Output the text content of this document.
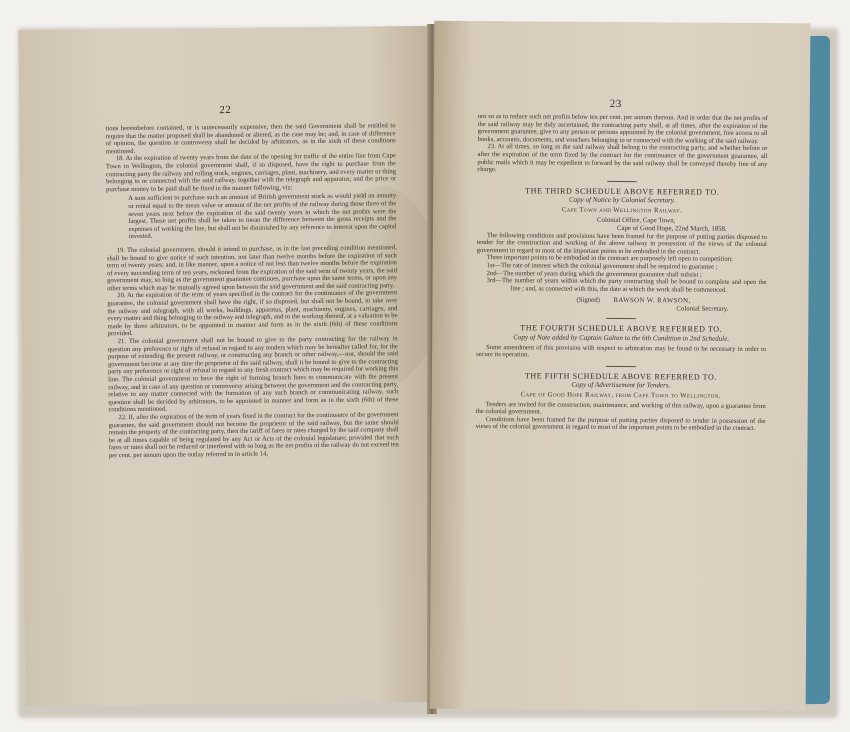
22

tions hereinbefore contained, or is unnecessarily expensive, then the said Government shall be entitled to require that the matter proposed shall be abandoned or altered, as the case may be; and, in case of difference of opinion, the question in controversy shall be decided by arbitrators, as in the sixth of these conditions mentioned.

18. At the expiration of twenty years from the date of the opening for traffic of the entire line from Cape Town to Wellington, the colonial government shall, if so disposed, have the right to purchase from the contracting party the railway and rolling stock, engines, carriages, plant, machinery, and every matter or thing belonging to or connected with the said railway, together with the telegraph and apparatus; and the price or purchase money to be paid shall be fixed in the manner following, viz:

A sum sufficient to purchase such an amount of British government stock as would yield an annuity or rental equal to the mean value or amount of the net profits of the railway during those three of the seven years next before the expiration of the said twenty years in which the net profits were the largest. These net profits shall be taken to mean the difference between the gross receipts and the expenses of working the line, but shall not be diminished by any reference to interest upon the capital invested.

19. The colonial government, should it intend to purchase, as in the last preceding condition mentioned, shall be bound to give notice of such intention, not later than twelve months before the expiration of such term of twenty years; and, in like manner, upon a notice of not less than twelve months before the expiration of every succeeding term of ten years, reckoned from the expiration of the said term of twenty years, the said government may, so long as the government guarantee continues, purchase upon the same terms, or upon any other terms which may be mutually agreed upon between the said government and the said contracting party.

20. At the expiration of the term of years specified in the contract for the continuance of the government guarantee, the colonial government shall have the right, if so disposed, but shall not be bound, to take over the railway and telegraph, with all works, buildings, apparatus, plant, machinery, engines, carriages, and every matter and thing belonging to the railway and telegraph, and to the working thereof, at a valuation to be made by three arbitrators, to be appointed in manner and form as in the sixth (6th) of these conditions provided.

21. The colonial government shall not be bound to give to the party contracting for the railway in question any preference or right of refusal in regard to any tenders which may be hereafter called for, for the purpose of extending the present railway, or constructing any branch or other railway,—nor, should the said government become at any time the proprietor of the said railway, shall it be bound to give to the contracting party any preference or right of refusal in regard to any fresh contract which may be required for working this line. The colonial government to have the right of forming branch lines to communicate with the present railway, and in case of any question or controversy arising between the government and the contracting party, relative to any matter connected with the formation of any such branch or communicating railway, such question shall be decided by arbitrators, to be appointed in manner and form as in the sixth (6th) of these conditions mentioned.

22. If, after the expiration of the term of years fixed in the contract for the continuance of the government guarantee, the said government should not become the proprietor of the said railway, but the same should remain the property of the contracting party, then the tariff of fares or rates charged by the said company shall be at all times capable of being regulated by any Act or Acts of the colonial legislature; provided that such fares or rates shall not be reduced or interfered with so long as the net profits of the railway do not exceed ten per cent. per annum upon the outlay referred to in article 14,

23

nor so as to reduce such net profits below ten per cent. per annum thereon. And in order that the net profits of the said railway may be duly ascertained, the contracting party shall, at all times, after the expiration of the government guarantee, give to any person or persons appointed by the colonial government, free access to all books, accounts, documents, and vouchers belonging to or connected with the working of the said railway.

23. At all times, so long as the said railway shall belong to the contracting party, and whether before or after the expiration of the term fixed by the contract for the continuance of the government guarantee, all public mails which it may be expedient to forward by the said railway shall be conveyed thereby free of any charge.

THE THIRD SCHEDULE ABOVE REFERRED TO.
Copy of Notice by Colonial Secretary.
Cape Town and Wellington Railway.
Colonial Office, Cape Town,
Cape of Good Hope, 22nd March, 1858.

The following conditions and provisions have been framed for the purpose of putting parties disposed to tender for the construction and working of the above railway in possession of the views of the colonial government in regard to most of the important points to be embodied in the contract.

Three important points to be embodied in the contract are purposely left open to competition:

1st—The rate of interest which the colonial government shall be required to guarantee ;

2nd—The number of years during which the government guarantee shall subsist ;

3rd—The number of years within which the party contracting shall be bound to complete and open the line ; and, as connected with this, the date at which the work shall be commenced.

(Signed) RAWSON W. RAWSON,
Colonial Secretary.
THE FOURTH SCHEDULE ABOVE REFERRED TO.
Copy of Note added by Captain Galton to the 6th Condition in 2nd Schedule.

Some amendment of this provision with respect to arbitration may be found to be necessary in order to secure its operation.

THE FIFTH SCHEDULE ABOVE REFERRED TO.
Copy of Advertisement for Tenders.
Cape of Good Hope Railway, from Cape Town to Wellington.

Tenders are invited for the construction, maintenance, and working of this railway, upon a guarantee from the colonial government.

Conditions have been framed for the purpose of putting parties disposed to tender in possession of the views of the colonial government in regard to most of the important points to be embodied in the contract.
